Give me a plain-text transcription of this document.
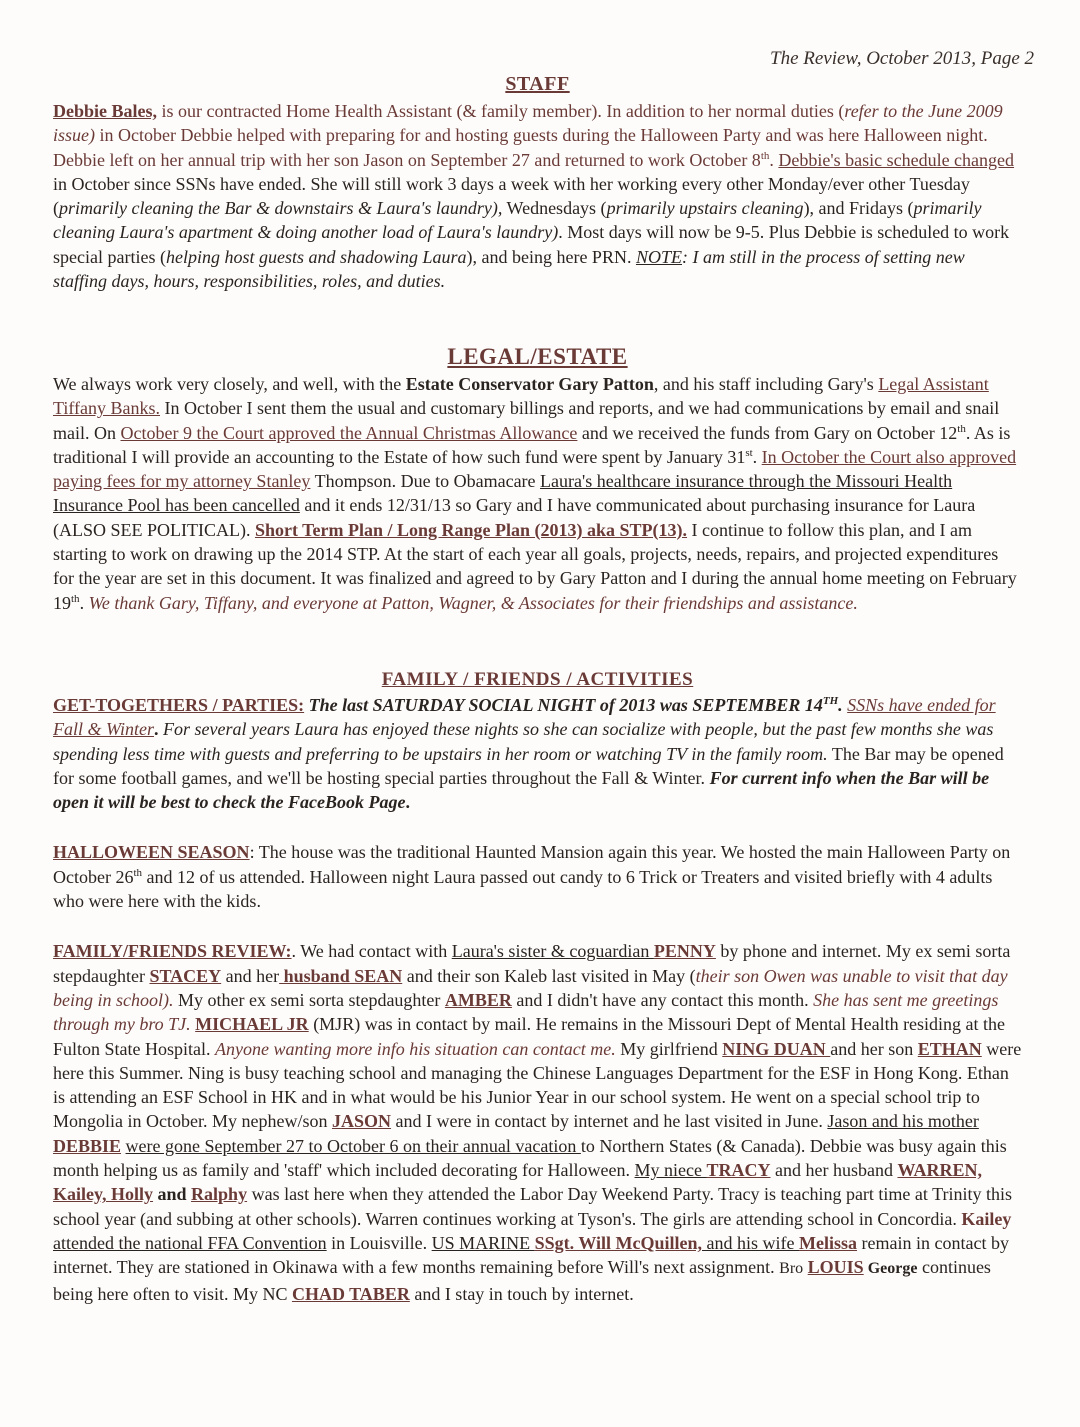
The Review, October 2013, Page 2
STAFF

Debbie Bales, is our contracted Home Health Assistant (& family member). In addition to her normal duties (refer to the June 2009 issue) in October Debbie helped with preparing for and hosting guests during the Halloween Party and was here Halloween night. Debbie left on her annual trip with her son Jason on September 27 and returned to work October 8th. Debbie's basic schedule changed in October since SSNs have ended. She will still work 3 days a week with her working every other Monday/ever other Tuesday (primarily cleaning the Bar & downstairs & Laura's laundry), Wednesdays (primarily upstairs cleaning), and Fridays (primarily cleaning Laura's apartment & doing another load of Laura's laundry). Most days will now be 9-5. Plus Debbie is scheduled to work special parties (helping host guests and shadowing Laura), and being here PRN. NOTE: I am still in the process of setting new staffing days, hours, responsibilities, roles, and duties.

LEGAL/ESTATE

We always work very closely, and well, with the Estate Conservator Gary Patton, and his staff including Gary's Legal Assistant Tiffany Banks. In October I sent them the usual and customary billings and reports, and we had communications by email and snail mail. On October 9 the Court approved the Annual Christmas Allowance and we received the funds from Gary on October 12th. As is traditional I will provide an accounting to the Estate of how such fund were spent by January 31st. In October the Court also approved paying fees for my attorney Stanley Thompson. Due to Obamacare Laura's healthcare insurance through the Missouri Health Insurance Pool has been cancelled and it ends 12/31/13 so Gary and I have communicated about purchasing insurance for Laura (ALSO SEE POLITICAL). Short Term Plan / Long Range Plan (2013) aka STP(13). I continue to follow this plan, and I am starting to work on drawing up the 2014 STP. At the start of each year all goals, projects, needs, repairs, and projected expenditures for the year are set in this document. It was finalized and agreed to by Gary Patton and I during the annual home meeting on February 19th. We thank Gary, Tiffany, and everyone at Patton, Wagner, & Associates for their friendships and assistance.

FAMILY / FRIENDS / ACTIVITIES

GET-TOGETHERS / PARTIES: The last SATURDAY SOCIAL NIGHT of 2013 was SEPTEMBER 14TH. SSNs have ended for Fall & Winter. For several years Laura has enjoyed these nights so she can socialize with people, but the past few months she was spending less time with guests and preferring to be upstairs in her room or watching TV in the family room. The Bar may be opened for some football games, and we'll be hosting special parties throughout the Fall & Winter. For current info when the Bar will be open it will be best to check the FaceBook Page.

HALLOWEEN SEASON: The house was the traditional Haunted Mansion again this year. We hosted the main Halloween Party on October 26th and 12 of us attended. Halloween night Laura passed out candy to 6 Trick or Treaters and visited briefly with 4 adults who were here with the kids.

FAMILY/FRIENDS REVIEW:. We had contact with Laura's sister & coguardian PENNY by phone and internet. My ex semi sorta stepdaughter STACEY and her husband SEAN and their son Kaleb last visited in May (their son Owen was unable to visit that day being in school). My other ex semi sorta stepdaughter AMBER and I didn't have any contact this month. She has sent me greetings through my bro TJ. MICHAEL JR (MJR) was in contact by mail. He remains in the Missouri Dept of Mental Health residing at the Fulton State Hospital. Anyone wanting more info his situation can contact me. My girlfriend NING DUAN and her son ETHAN were here this Summer. Ning is busy teaching school and managing the Chinese Languages Department for the ESF in Hong Kong. Ethan is attending an ESF School in HK and in what would be his Junior Year in our school system. He went on a special school trip to Mongolia in October. My nephew/son JASON and I were in contact by internet and he last visited in June. Jason and his mother DEBBIE were gone September 27 to October 6 on their annual vacation to Northern States (& Canada). Debbie was busy again this month helping us as family and 'staff' which included decorating for Halloween. My niece TRACY and her husband WARREN, Kailey, Holly and Ralphy was last here when they attended the Labor Day Weekend Party. Tracy is teaching part time at Trinity this school year (and subbing at other schools). Warren continues working at Tyson's. The girls are attending school in Concordia. Kailey attended the national FFA Convention in Louisville. US MARINE SSgt. Will McQuillen, and his wife Melissa remain in contact by internet. They are stationed in Okinawa with a few months remaining before Will's next assignment. Bro LOUIS George continues being here often to visit. My NC CHAD TABER and I stay in touch by internet.
